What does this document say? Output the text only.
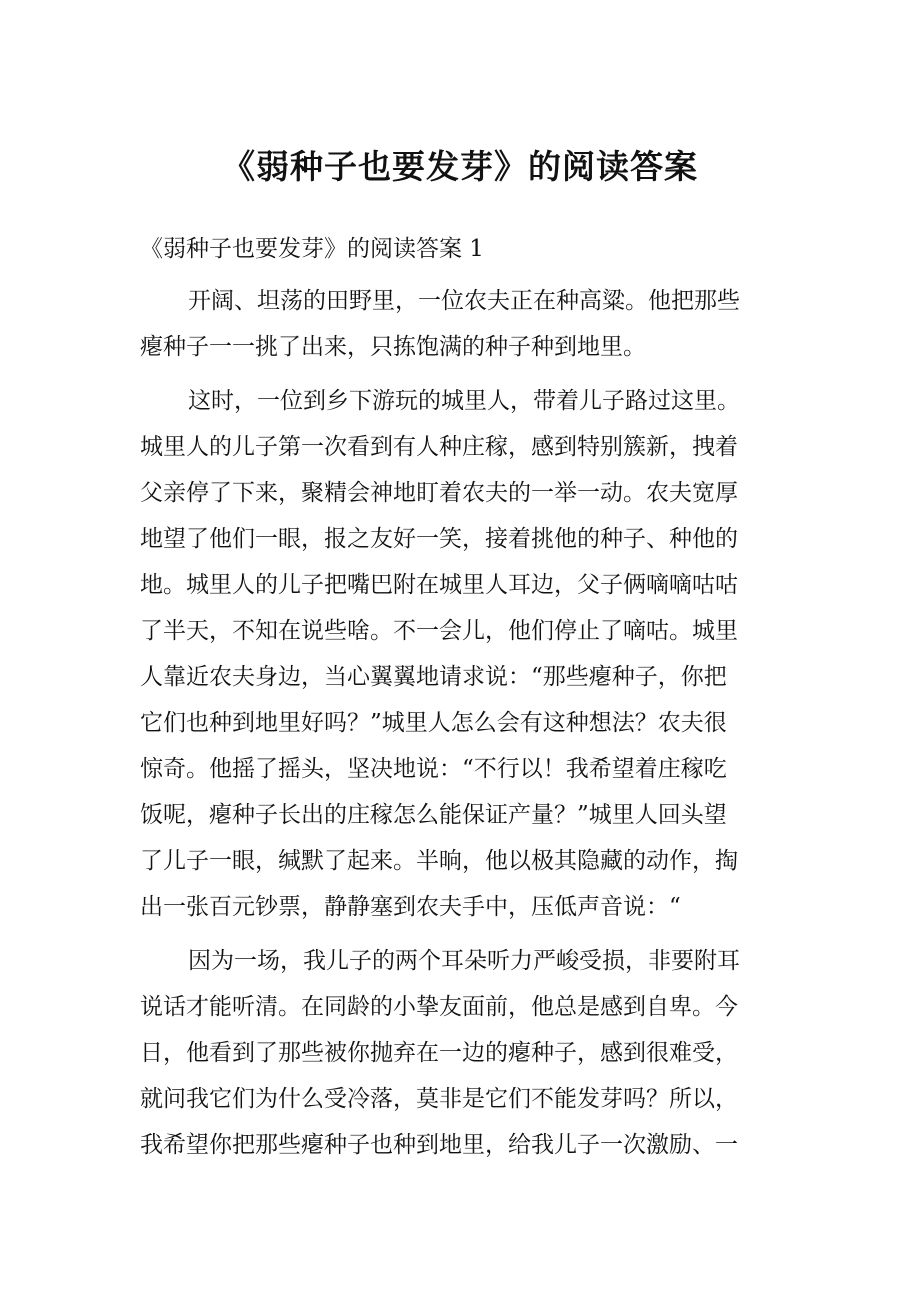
《弱种子也要发芽》的阅读答案
《弱种子也要发芽》的阅读答案 1
开阔、坦荡的田野里，一位农夫正在种高粱。他把那些
瘪种子一一挑了出来，只拣饱满的种子种到地里。
这时，一位到乡下游玩的城里人，带着儿子路过这里。
城里人的儿子第一次看到有人种庄稼，感到特别簇新，拽着
父亲停了下来，聚精会神地盯着农夫的一举一动。农夫宽厚
地望了他们一眼，报之友好一笑，接着挑他的种子、种他的
地。城里人的儿子把嘴巴附在城里人耳边，父子俩嘀嘀咕咕
了半天，不知在说些啥。不一会儿，他们停止了嘀咕。城里
人靠近农夫身边，当心翼翼地请求说：“那些瘪种子，你把
它们也种到地里好吗？”城里人怎么会有这种想法？农夫很
惊奇。他摇了摇头，坚决地说：“不行以！我希望着庄稼吃
饭呢，瘪种子长出的庄稼怎么能保证产量？”城里人回头望
了儿子一眼，缄默了起来。半晌，他以极其隐藏的动作，掏
出一张百元钞票，静静塞到农夫手中，压低声音说：“
因为一场，我儿子的两个耳朵听力严峻受损，非要附耳
说话才能听清。在同龄的小挚友面前，他总是感到自卑。今
日，他看到了那些被你抛弃在一边的瘪种子，感到很难受，
就问我它们为什么受冷落，莫非是它们不能发芽吗？所以，
我希望你把那些瘪种子也种到地里，给我儿子一次激励、一
